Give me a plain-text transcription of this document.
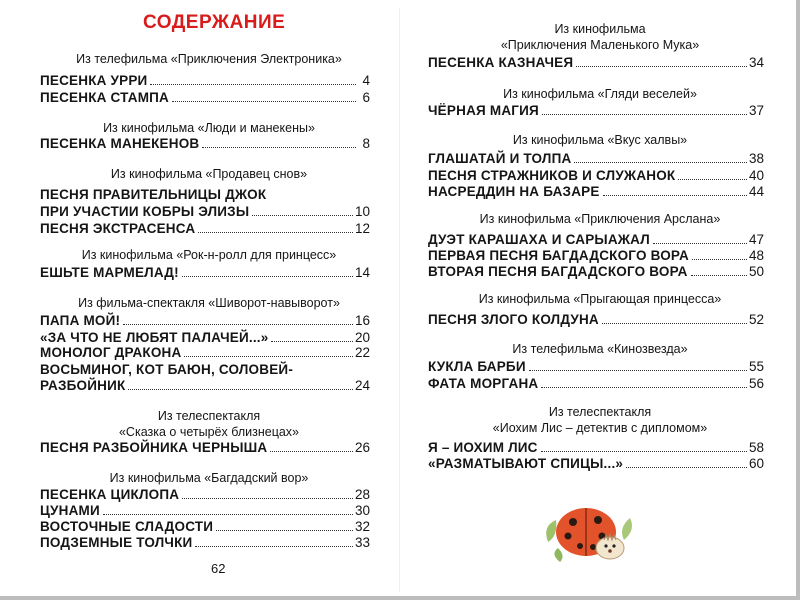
СОДЕРЖАНИЕ
Из телефильма «Приключения Электроника»
ПЕСЕНКА УРРИ	4
ПЕСЕНКА СТАМПА	6
Из кинофильма «Люди и манекены»
ПЕСЕНКА МАНЕКЕНОВ	8
Из кинофильма «Продавец снов»
ПЕСНЯ ПРАВИТЕЛЬНИЦЫ ДЖОК
ПРИ УЧАСТИИ КОБРЫ ЭЛИЗЫ	10
ПЕСНЯ ЭКСТРАСЕНСА	12
Из кинофильма «Рок-н-ролл для принцесс»
ЕШЬТЕ МАРМЕЛАД!	14
Из фильма-спектакля «Шиворот-навыворот»
ПАПА МОЙ!	16
«ЗА ЧТО НЕ ЛЮБЯТ ПАЛАЧЕЙ...»	20
МОНОЛОГ ДРАКОНА	22
ВОСЬМИНОГ, КОТ БАЮН, СОЛОВЕЙ-
РАЗБОЙНИК	24
Из телеспектакля
«Сказка о четырёх близнецах»
ПЕСНЯ РАЗБОЙНИКА ЧЕРНЫША	26
Из кинофильма «Багдадский вор»
ПЕСЕНКА ЦИКЛОПА	28
ЦУНАМИ	30
ВОСТОЧНЫЕ СЛАДОСТИ	32
ПОДЗЕМНЫЕ ТОЛЧКИ	33
62
Из кинофильма
«Приключения Маленького Мука»
ПЕСЕНКА КАЗНАЧЕЯ	34
Из кинофильма «Гляди веселей»
ЧЁРНАЯ МАГИЯ	37
Из кинофильма «Вкус халвы»
ГЛАШАТАЙ И ТОЛПА	38
ПЕСНЯ СТРАЖНИКОВ И СЛУЖАНОК	40
НАСРЕДДИН НА БАЗАРЕ	44
Из кинофильма «Приключения Арслана»
ДУЭТ КАРАШАХА И САРЫАЖАЛ	47
ПЕРВАЯ ПЕСНЯ БАГДАДСКОГО ВОРА	48
ВТОРАЯ ПЕСНЯ БАГДАДСКОГО ВОРА	50
Из кинофильма «Прыгающая принцесса»
ПЕСНЯ ЗЛОГО КОЛДУНА	52
Из телефильма «Кинозвезда»
КУКЛА БАРБИ	55
ФАТА МОРГАНА	56
Из телеспектакля
«Иохим Лис – детектив с дипломом»
Я – ИОХИМ ЛИС	58
«РАЗМАТЫВАЮТ СПИЦЫ...»	60
